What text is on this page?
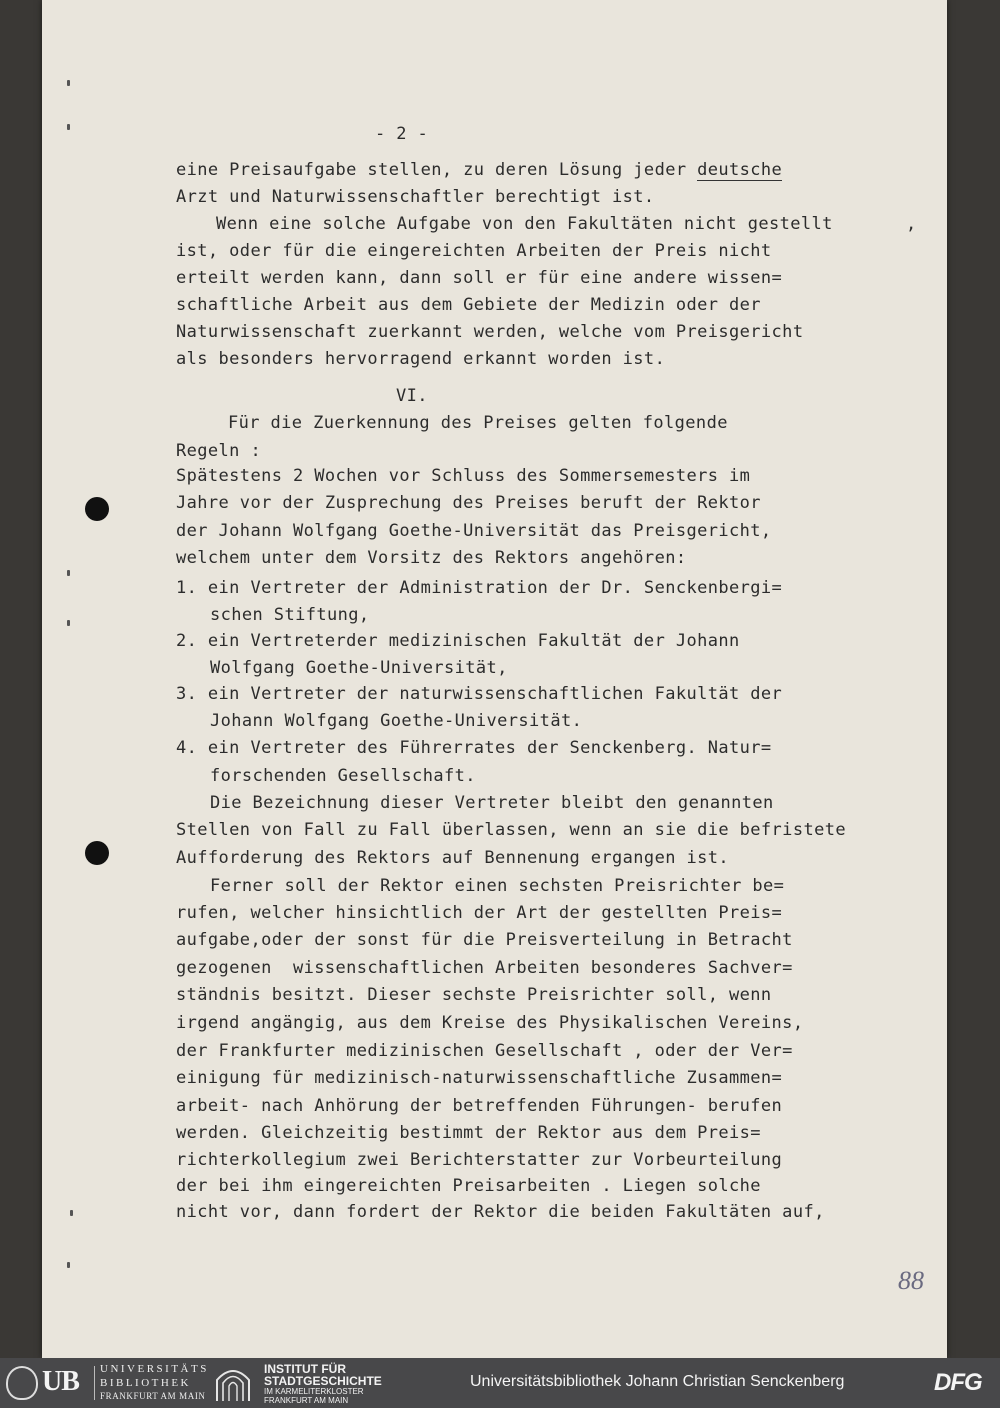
- 2 -
eine Preisaufgabe stellen, zu deren Lösung jeder deutsche
Arzt und Naturwissenschaftler berechtigt ist.
Wenn eine solche Aufgabe von den Fakultäten nicht gestellt	,
ist, oder für die eingereichten Arbeiten der Preis nicht
erteilt werden kann, dann soll er für eine andere wissen=
schaftliche Arbeit aus dem Gebiete der Medizin oder der
Naturwissenschaft zuerkannt werden, welche vom Preisgericht
als besonders hervorragend erkannt worden ist.
VI.
Für die Zuerkennung des Preises gelten folgende
Regeln :
Spätestens 2 Wochen vor Schluss des Sommersemesters im
Jahre vor der Zusprechung des Preises beruft der Rektor
der Johann Wolfgang Goethe-Universität das Preisgericht,
welchem unter dem Vorsitz des Rektors angehören:
1. ein Vertreter der Administration der Dr. Senckenbergi=
schen Stiftung,
2. ein Vertreterder medizinischen Fakultät der Johann
Wolfgang Goethe-Universität,
3. ein Vertreter der naturwissenschaftlichen Fakultät der
Johann Wolfgang Goethe-Universität.
4. ein Vertreter des Führerrates der Senckenberg. Natur=
forschenden Gesellschaft.
Die Bezeichnung dieser Vertreter bleibt den genannten
Stellen von Fall zu Fall überlassen, wenn an sie die befristete
Aufforderung des Rektors auf Bennenung ergangen ist.
Ferner soll der Rektor einen sechsten Preisrichter be=
rufen, welcher hinsichtlich der Art der gestellten Preis=
aufgabe,oder der sonst für die Preisverteilung in Betracht
gezogenen  wissenschaftlichen Arbeiten besonderes Sachver=
ständnis besitzt. Dieser sechste Preisrichter soll, wenn
irgend angängig, aus dem Kreise des Physikalischen Vereins,
der Frankfurter medizinischen Gesellschaft , oder der Ver=
einigung für medizinisch-naturwissenschaftliche Zusammen=
arbeit- nach Anhörung der betreffenden Führungen- berufen
werden. Gleichzeitig bestimmt der Rektor aus dem Preis=
richterkollegium zwei Berichterstatter zur Vorbeurteilung
der bei ihm eingereichten Preisarbeiten . Liegen solche
nicht vor, dann fordert der Rektor die beiden Fakultäten auf,
88
UB UNIVERSITÄTS
BIBLIOTHEK
FRANKFURT AM MAIN
INSTITUT FÜR
STADTGESCHICHTE
IM KARMELITERKLOSTER
FRANKFURT AM MAIN
Universitätsbibliothek Johann Christian Senckenberg	DFG
